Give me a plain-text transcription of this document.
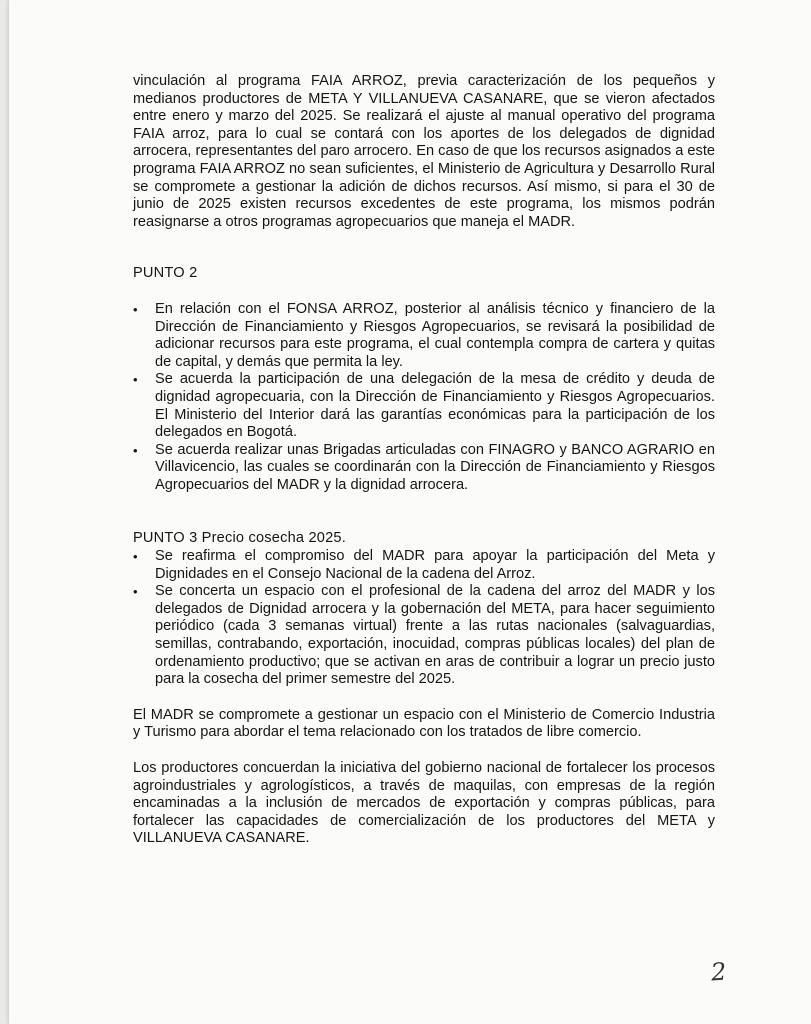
vinculación al programa FAIA ARROZ, previa caracterización de los pequeños y medianos productores de META Y VILLANUEVA CASANARE, que se vieron afectados entre enero y marzo del 2025. Se realizará el ajuste al manual operativo del programa FAIA arroz, para lo cual se contará con los aportes de los delegados de dignidad arrocera, representantes del paro arrocero. En caso de que los recursos asignados a este programa FAIA ARROZ no sean suficientes, el Ministerio de Agricultura y Desarrollo Rural se compromete a gestionar la adición de dichos recursos. Así mismo, si para el 30 de junio de 2025 existen recursos excedentes de este programa, los mismos podrán reasignarse a otros programas agropecuarios que maneja el MADR.

PUNTO 2

• En relación con el FONSA ARROZ, posterior al análisis técnico y financiero de la Dirección de Financiamiento y Riesgos Agropecuarios, se revisará la posibilidad de adicionar recursos para este programa, el cual contempla compra de cartera y quitas de capital, y demás que permita la ley.
• Se acuerda la participación de una delegación de la mesa de crédito y deuda de dignidad agropecuaria, con la Dirección de Financiamiento y Riesgos Agropecuarios. El Ministerio del Interior dará las garantías económicas para la participación de los delegados en Bogotá.
• Se acuerda realizar unas Brigadas articuladas con FINAGRO y BANCO AGRARIO en Villavicencio, las cuales se coordinarán con la Dirección de Financiamiento y Riesgos Agropecuarios del MADR y la dignidad arrocera.

PUNTO 3 Precio cosecha 2025.

• Se reafirma el compromiso del MADR para apoyar la participación del Meta y Dignidades en el Consejo Nacional de la cadena del Arroz.
• Se concerta un espacio con el profesional de la cadena del arroz del MADR y los delegados de Dignidad arrocera y la gobernación del META, para hacer seguimiento periódico (cada 3 semanas virtual) frente a las rutas nacionales (salvaguardias, semillas, contrabando, exportación, inocuidad, compras públicas locales) del plan de ordenamiento productivo; que se activan en aras de contribuir a lograr un precio justo para la cosecha del primer semestre del 2025.

El MADR se compromete a gestionar un espacio con el Ministerio de Comercio Industria y Turismo para abordar el tema relacionado con los tratados de libre comercio.

Los productores concuerdan la iniciativa del gobierno nacional de fortalecer los procesos agroindustriales y agrologísticos, a través de maquilas, con empresas de la región encaminadas a la inclusión de mercados de exportación y compras públicas, para fortalecer las capacidades de comercialización de los productores del META y VILLANUEVA CASANARE.

2
